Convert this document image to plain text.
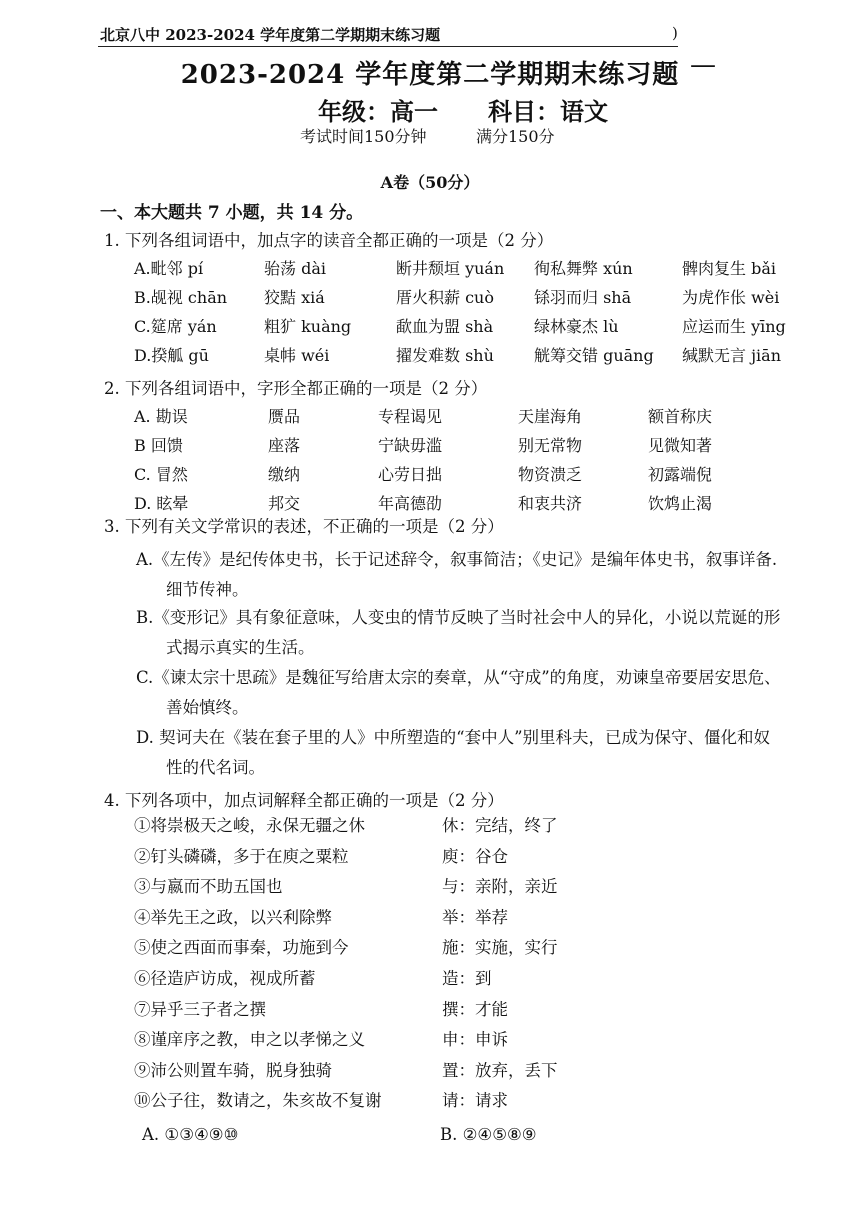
北京八中 2023-2024 学年度第二学期期末练习题	)
2023-2024 学年度第二学期期末练习题 —
年级：高一 科目：语文
考试时间150分钟	满分150分
A卷（50分）
一、本大题共 7 小题，共 14 分。
1. 下列各组词语中，加点字的读音全都正确的一项是（2 分）
A.毗邻 pí	骀荡 dài	断井颓垣 yuán 徇私舞弊 xún	髀肉复生 bǎi
B.觇视 chān 狡黠 xiá	厝火积薪 cuò	铩羽而归 shā	为虎作伥 wèi
C.筵席 yán	粗犷 kuàng	歃血为盟 shà	绿林豪杰 lù	应运而生 yīng
D.揆觚 gū	桌帏 wéi	擢发难数 shù	觥筹交错 guāng 缄默无言 jiān
2. 下列各组词语中，字形全都正确的一项是（2 分）
A. 勘误	赝品	专程谒见	天崖海角	额首称庆
B 回馈	座落	宁缺毋滥	别无常物	见微知著
C. 冒然	缴纳	心劳日拙	物资溃乏	初露端倪
D. 眩晕	邦交	年高德劭	和衷共济	饮鸩止渴
3. 下列有关文学常识的表述，不正确的一项是（2 分）
A.《左传》是纪传体史书，长于记述辞令，叙事简洁；《史记》是编年体史书，叙事详备.
细节传神。
B.《变形记》具有象征意味，人变虫的情节反映了当时社会中人的异化，小说以荒诞的形
式揭示真实的生活。
C.《谏太宗十思疏》是魏征写给唐太宗的奏章，从“守成”的角度，劝谏皇帝要居安思危、
善始慎终。
D. 契诃夫在《装在套子里的人》中所塑造的“套中人”别里科夫，已成为保守、僵化和奴
性的代名词。
4. 下列各项中，加点词解释全都正确的一项是（2 分）
①将崇极天之峻，永保无疆之休	休：完结，终了
②钉头磷磷，多于在庾之粟粒	庾：谷仓
③与嬴而不助五国也	与：亲附，亲近
④举先王之政，以兴利除弊	举：举荐
⑤使之西面而事秦，功施到今	施：实施，实行
⑥径造庐访成，视成所蓄	造：到
⑦异乎三子者之撰	撰：才能
⑧谨庠序之教，申之以孝悌之义	申：申诉
⑨沛公则置车骑，脱身独骑	置：放弃，丢下
⑩公子往，数请之，朱亥故不复谢	请：请求
A. ①③④⑨⑩	B. ②④⑤⑧⑨
